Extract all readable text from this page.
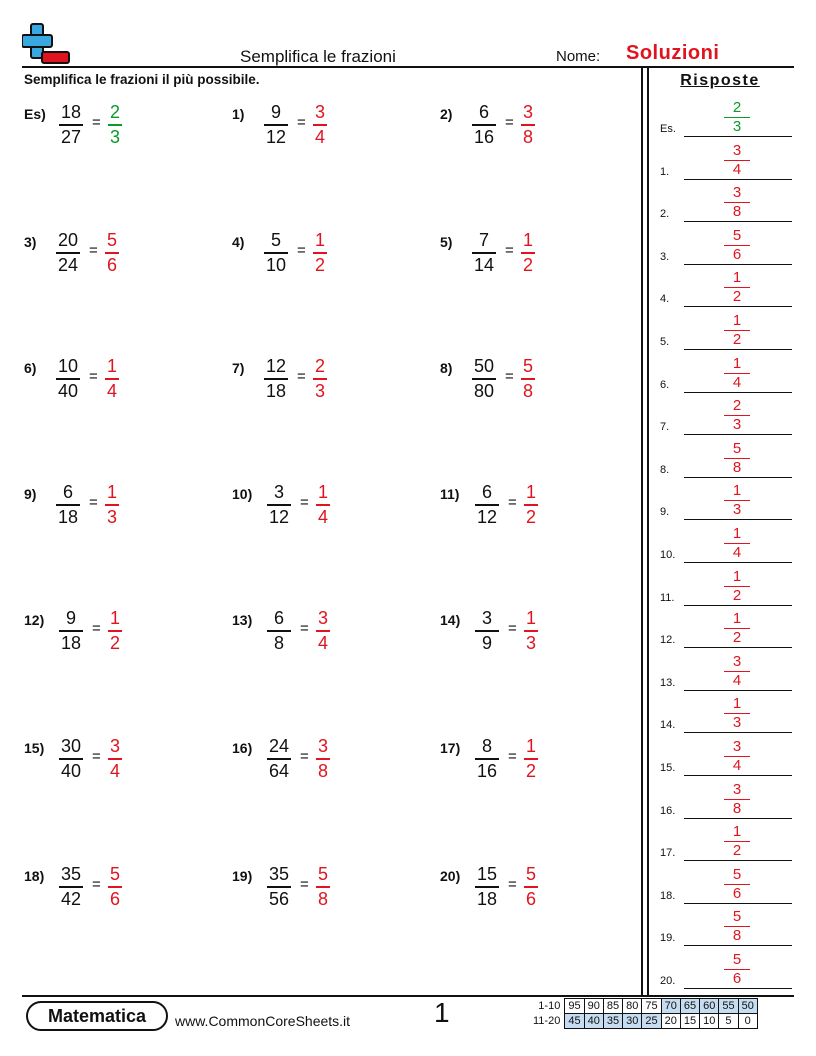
Semplifica le frazioni	Nome: Soluzioni
Semplifica le frazioni il più possibile.	Risposte
Es) 18
27
=
2
3
1)	9
12
=
3
4
2)	6
16
=
3
8
3) 20
24
=
5
6
4)	5
10
=
1
2
5)	7
14
=
1
2
6) 10
40
=
1
4
7) 12
18
=
2
3
8) 50
80
=
5
8
9)	6
18
=
1
3
10)	3
12
=
1
4
11)	6
12
=
1
2
12)	9
18
=
1
2
13)	6
8
=
3
4
14)	3
9
=
1
3
15) 30
40
=
3
4
16) 24
64
=
3
8
17)	8
16
=
1
2
18) 35
42
=
5
6
19) 35
56
=
5
8
20) 15
18
=
5
6
Es.
2
3
1.
3
4
2.
3
8
3.
5
6
4.
1
2
5.
1
2
6.
1
4
7.
2
3
8.
5
8
9.
1
3
10.
1
4
11.
1
2
12.
1
2
13.
3
4
14.
1
3
15.
3
4
16.
3
8
17.
1
2
18.
5
6
19.
5
8
20.
5
6
Matematica	www.CommonCoreSheets.it	1	1-10	95	90	85	80	75	70	65	60	55	50
11-20	45	40	35	30	25	20	15	10	5	0
